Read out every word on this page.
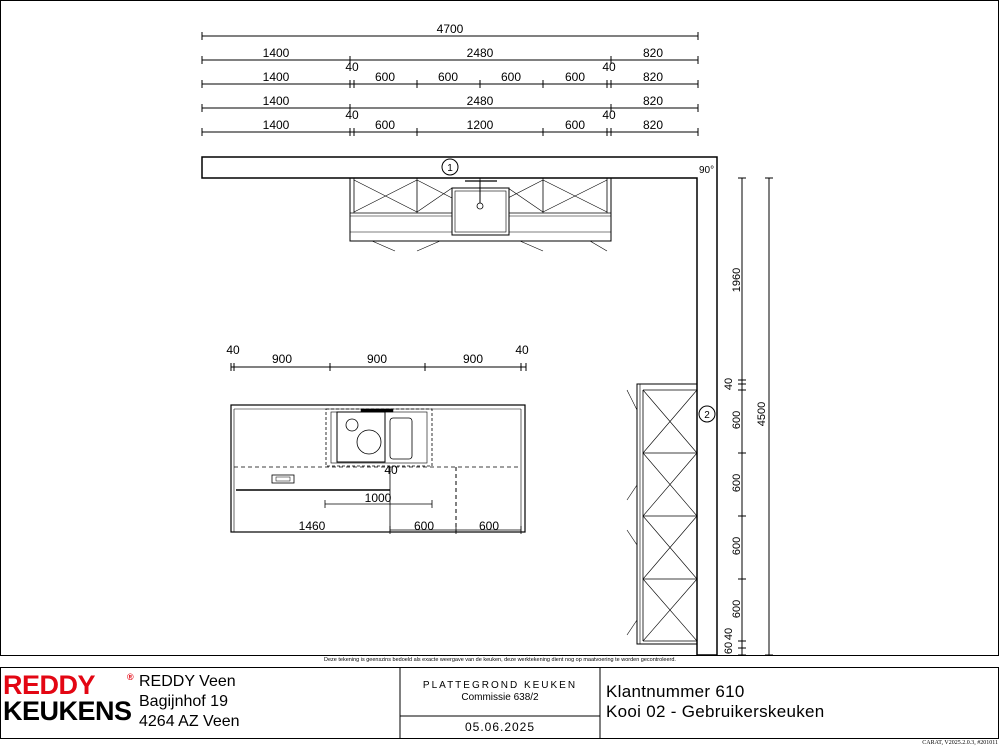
4700
1400	2480	820
1400
40
600	600	600	600
40
820
1400	2480	820
1400
40
600	1200	600
40
820
90°
1
2
1960
40
600
600
600
600
60
40
4500
40
900	900	900
40
40
1000
1460	600	600
Deze tekening is geenszins bedoeld als exacte weergave van de keuken, deze werktekening dient nog op maatvoering te worden gecontroleerd.
REDDY
KEUKENS
® REDDY Veen
Bagijnhof 19
4264 AZ Veen
PLATTEGROND KEUKEN
Commissie 638/2
05.06.2025
Klantnummer 610
Kooi 02 - Gebruikerskeuken
CARAT, V2025.2.0.3, #201011
